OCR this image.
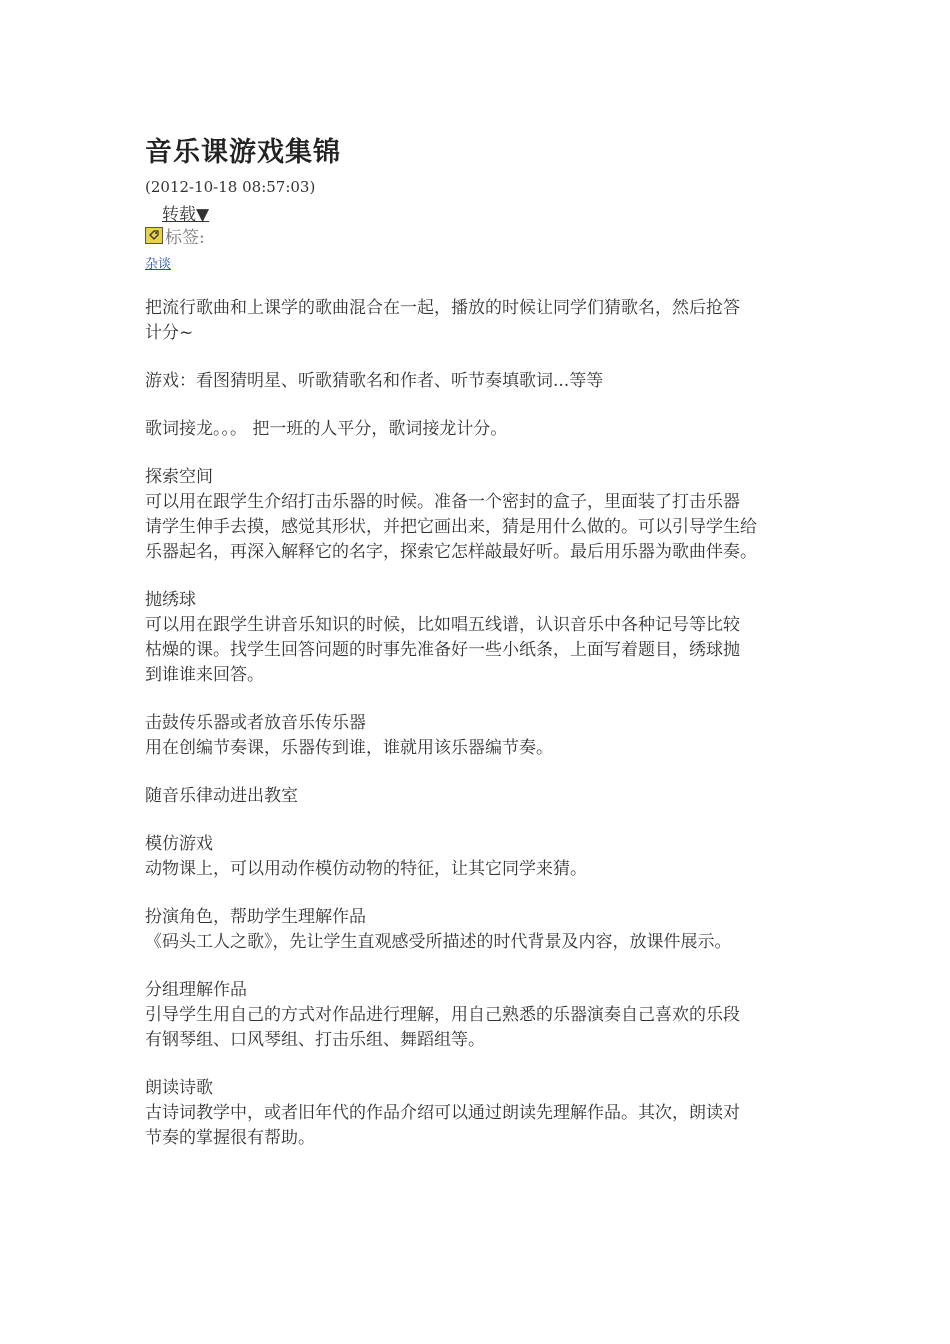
音乐课游戏集锦
(2012-10-18 08:57:03)
转载▼
标签:
杂谈
把流行歌曲和上课学的歌曲混合在一起，播放的时候让同学们猜歌名，然后抢答
计分~
游戏：看图猜明星、听歌猜歌名和作者、听节奏填歌词...等等
歌词接龙。。。 把一班的人平分，歌词接龙计分。
探索空间
可以用在跟学生介绍打击乐器的时候。准备一个密封的盒子，里面装了打击乐器
请学生伸手去摸，感觉其形状，并把它画出来，猜是用什么做的。可以引导学生给
乐器起名，再深入解释它的名字，探索它怎样敲最好听。最后用乐器为歌曲伴奏。
抛绣球
可以用在跟学生讲音乐知识的时候，比如唱五线谱，认识音乐中各种记号等比较
枯燥的课。找学生回答问题的时事先准备好一些小纸条，上面写着题目，绣球抛
到谁谁来回答。
击鼓传乐器或者放音乐传乐器
用在创编节奏课，乐器传到谁，谁就用该乐器编节奏。
随音乐律动进出教室
模仿游戏
动物课上，可以用动作模仿动物的特征，让其它同学来猜。
扮演角色，帮助学生理解作品
《码头工人之歌》，先让学生直观感受所描述的时代背景及内容，放课件展示。
分组理解作品
引导学生用自己的方式对作品进行理解，用自己熟悉的乐器演奏自己喜欢的乐段
有钢琴组、口风琴组、打击乐组、舞蹈组等。
朗读诗歌
古诗词教学中，或者旧年代的作品介绍可以通过朗读先理解作品。其次，朗读对
节奏的掌握很有帮助。
